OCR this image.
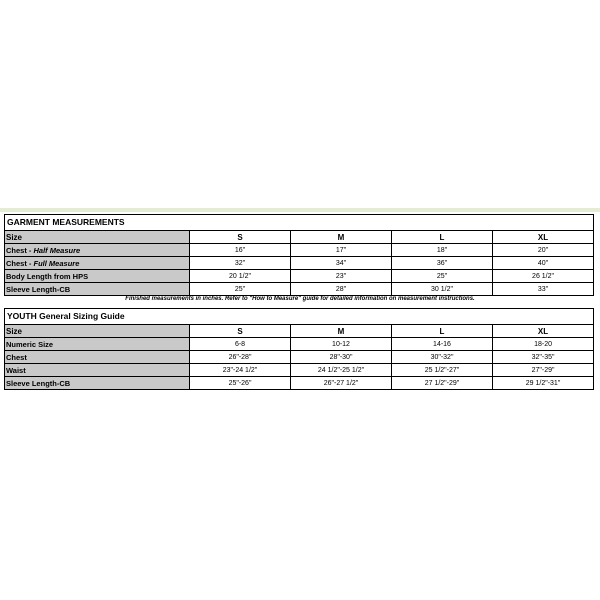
GARMENT MEASUREMENTS				
Size	S	M	L	XL
Chest - Half Measure	16"	17"	18"	20"
Chest - Full Measure	32"	34"	36"	40"
Body Length from HPS	20 1/2"	23"	25"	26 1/2"
Sleeve Length-CB	25"	28"	30 1/2"	33"
Finished measurements in inches. Refer to "How to Measure" guide for detailed information on measurement instructions.
YOUTH General Sizing Guide				
Size	S	M	L	XL
Numeric Size	6-8	10-12	14-16	18-20
Chest	26"-28"	28"-30"	30"-32"	32"-35"
Waist	23"-24 1/2"	24 1/2"-25 1/2"	25 1/2"-27"	27"-29"
Sleeve Length-CB	25"-26"	26"-27 1/2"	27 1/2"-29"	29 1/2"-31"
